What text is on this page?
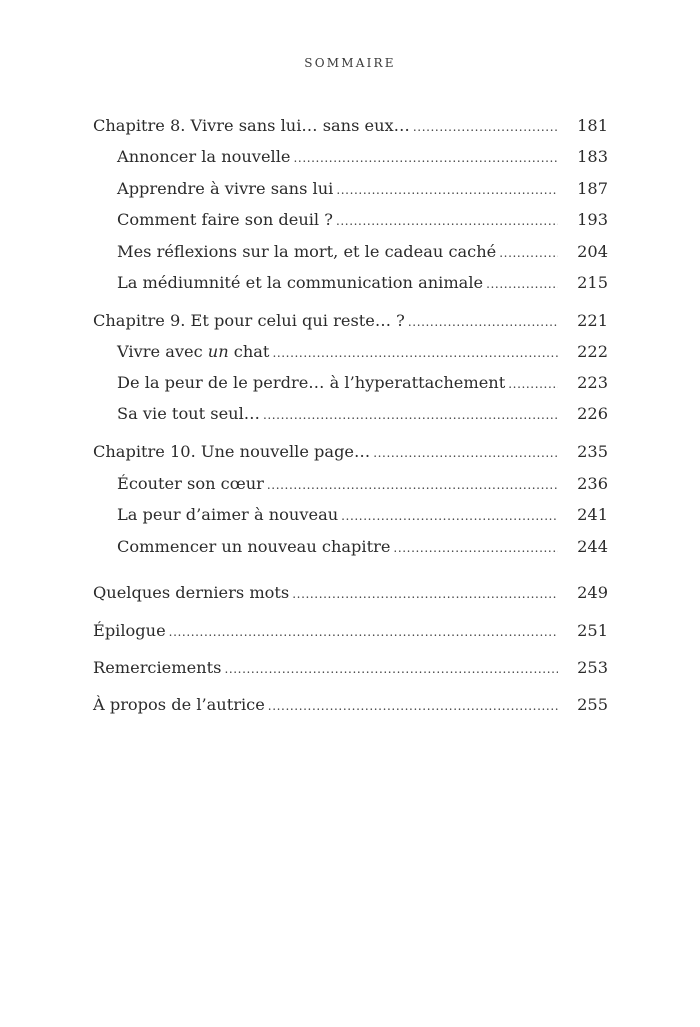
SOMMAIRE
Chapitre 8. Vivre sans lui… sans eux… .....	181
Annoncer la nouvelle .....	183
Apprendre à vivre sans lui .....	187
Comment faire son deuil ? .....	193
Mes réflexions sur la mort, et le cadeau caché .....	204
La médiumnité et la communication animale .....	215
Chapitre 9. Et pour celui qui reste… ? .....	221
Vivre avec un chat .....	222
De la peur de le perdre… à l’hyperattachement .....	223
Sa vie tout seul… .....	226
Chapitre 10. Une nouvelle page… .....	235
Écouter son cœur .....	236
La peur d’aimer à nouveau .....	241
Commencer un nouveau chapitre .....	244
Quelques derniers mots .....	249
Épilogue .....	251
Remerciements .....	253
À propos de l’autrice .....	255
